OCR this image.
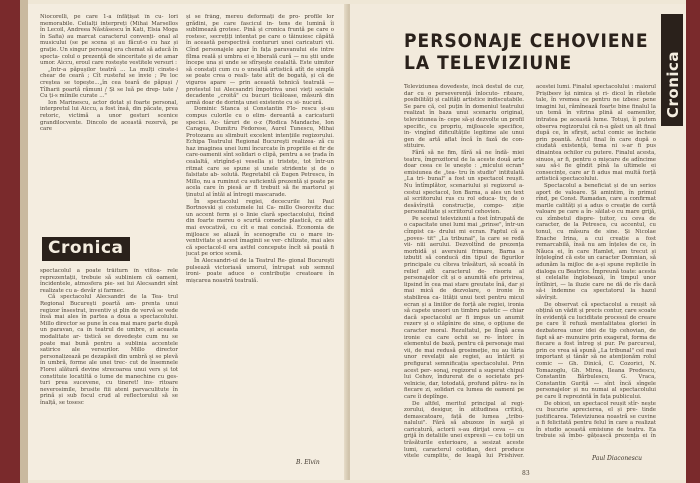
Niocorelli, pe care 1-a înfățișat în cu- lori memorabile. Celialți interpreți (Mihai Marsellos în Lecoil, Andreea Năstăsescu în Kati, Elsia Moga în Safia) au marcat caracterul convenți- onal al musicului (se pe scena și au făcut-o cu haz și grație. Un singur personaj era chemat să aducă în specta- colul o prezență de sinceritate și de amar umor. Aiccu, eroul care rostește vestitele versuri :

„Intr-a păpușilor teatră ... La mulți cinste-i chear de ceară ; Cît rusteful se învie ; Pe loc creștea se topește...„în cea teară de păpuși / Tîlharii poartă rămuni / Și se luă pe drep- tate / Cu ți-s mîinile curate ..."

Ion Marinescu, actor dotat și foarte personal, interpretul lui Aiccu, a fost însă, din păcate, prea retoric, victimă a unor gesturi scenice grandilocvente. Dincolo de această rezervă, pe care

Cronica

spectacolul a poate trăiturn în viitoa- rele reprezentații, trebuie să subliniem că oameni, încidentele, atmosfera pie- sei lui Alecsandri sînt realizate cu a- devăr și farmec.

Că spectacolul Alecsandri de la Tea- trul Regional Bucureşti poartă am- prenta unui regizor însestrat, inventiv și plin de vervă se vede însă mai ales în partea a doua a spectacolului. Millo director se pune în cea mai mare parte după un paravan, ca în teatrul de umbre, și aceasta modalitate ar- tistică se dovedește cum nu se poate mai bună pentru a sublinia accentele satirice ale versurilor. Millo director personalizează pe dezapăsii din umbră și se plevă în umbră, forme ale unei trec- cut de însemnele Florei alătură devine strecoarea unui vers și tot constituie locatiltă o lume de manechine cu ges- turi prea sucevene, cu tineret! ins- ritoare neverosimile, brusite fiii ateni parvaculitute în prină și sub focul crud al reflectorului să se înalță, se tosesc

și se frâng, mereu deformați de pro- profile lor grădini, pe care fascicul in- tens de lumină îi sublimează grotesc. Pină și cronica fruntă pe care o rostesc, secrețiți intentat pe care o tăinuiesc căpătă în această perspectivă contururi unei caricaturi vii. Cînd personajele apar în fața paravanului ele intre fîlma reală și umbra ei e liberală cură — nu știi unde începe una și unde se sfîrșește cealaltă. Este uimitor să constați cum cu o unealtă artistică atît de simplă se poate crea o reali- tate atît de bogată, și că de viguros apare — prin această tehnică teatrală — protestul lui Alecsandri împotriva unei vieți sociale decadente „croită" cu bucuri ticăloase, măsură din armă doar de dorința unei existente cu si- nucură.

Dominic Stanca și Constantin Flo- rescu și-au compus culorile cu o elim- dereantă a caricaturii speciei. Ac- târuri de o-z (Rodica Mandache, Ion Caragea, Dumitru Fedorese, Aurel Tunescu, Mihai Protozanu au slimbuit excelent intențiile regizorului. Echipa Teatrului Regional Bucureşti realizea- ză cu haz imaginea unei lumi încurcate în propriile ei fir de care-oamenii sînt solidari o clipă, pentru a se țrada în cealaltă, strigînd-și vesella și tristețe, tot într-un ritmat care se spune și unele stridente și de o falsitate ab- solută. Regretabil că Eugen Petrescu, în Millo, nu a ruminut cu suficientă prezentă și poate pe acela care în piesă ar fi trebuit să fie martorul și ținutul al întăi al întregii mascarade.

În spectacolul regiei, dececurile lui Paul Bortnovski și costumele lui Ca- millo Osorovitz duc un accent ferm și o linie clară spectacolului, fixînd din foarte mereu o scurtă comedie plastică, cu atît mai evocativă, cu cît e mai concisă. Economia de mijloace se aliază în scenografie cu o mare in- ventivitate și acest îmaginii se ver- chilizate, mai ales că spectacol-il era astfel concepute încît să poată fi jucat pe orice scenă.

În Alecsandri-ul de la Teatrul Re- gional București pulsează victoriasă umorul, întrupat sub semnul ironi- poate aduce o contribuție creatoare în mișcarea noastră teatrală.

B. Elvin
PERSONAJE CEHOVIENE
LA TELEVIZIUNE	Cronica

Televiziunea dovedeste, încă destul de cur, dar cu o perseverență înlocuto- riteare, posibilități și calități artistice indiscutabile. Se pare că, cel puțin în domeniul teatrului realizat în baza unui scenariu original, televiziunea în- cepe să-și dezvolte un profil specific, cu propriu, mijloacele specifice, in- vingînd dificultățile legitime ale unui gen de artă aflat încă în fază de con- stituire.

Fără să ne fim, fără să ne îndă- miei teatru, îmgrozitorul de la aceste două arte doar ceea ce le unește : „micului ecran" emisiunea de „tea- tru în studio" intitulată „La tri- bunal" a fost un spectacol reușit. Nu întîmplător, scenariului și regizorul a- cestui spectacol, Ion Barna, a ales un text al scriitorului rus cu rol educa- tiv, de o desăvîrșită construcție, compo- ziție personalitate și scriitorul cehovien.

Pe scenul televiziunii a fost întrupată de o capacitate unei lumi mai „prinse", într-un cîmpist ca- drului mi ecran. Faptul că a „poves- tit" „La tribunal", la care se redă vii- niii aerului. Dezvoltînd de prezența morbidă și aversiuni frimare, Barna a izbutit să conducă din tipul de figurilor principale cu cîteva trăsături, să scoată în relief atît caracterul de- risoriu al personajelor cît și o anumită efe privirea, lipsind în cea mai stare greutate înă, dar și mai mică de dezvolare, o ironie în stabilirea ca- lității unui text pentru micul ecran și a liniilor de forță ale regiei, ironia să capete uneori un timbru patetic — chiar dacă spectacolul ar fi impus un anumit rezerv și o stăpînire de sine, o opțiune de caracter moral. Rezultatul, pe lîngă acea ironie cu care ochii se re- întorc în elementul de bază, pentru că personaje mai vii, de mai redusă grosimeție, nu au tăria unor revelații ale regiei, au întărit și prefigurat semnificația spectacolului. Prin acest per- sonaj, regizorul a sugerat chipul lui Cehov, îndurerat de o societate pri- velnicie, dar, totodată, profund pătru- ns în fiecare zi, solidari cu lumea de oameni pe care îi deplînge.

De altfel, meritul principal al regi- zorului, desigur, în atitudinea critică, demascatoare, față de lumea „tribu- nalului". Fără să abuzeze în sarjă și caricatură, actorii s-au dirijat ceva — cu grijă în detaliile unei expresii — cu toții un trăsăturile exterioare, a sesizat aceste lumi, caracterul cotidian, deci produce vitele cumplite, de leagă lui Prishiver.

acestei lumi. Finalul spectacolului : maiorul Prișibeev își nimica și ri- dicol în rîietele tale, în vremea ce pentru ne izbesc pene imagini lui, rămînează foarte bine finalul la un temă în vitrina plină al oamenilor, intratea pe această lume. Totuși, îi putem observa regizorului că n-a găsit un alt final după ce, în sfîrșit, actul comic se încheie prin poantă. Actul final în care după o ciudată existență, tema ni s-ar fi pus dinaintea ochilor cu putere. Finalul acesta, sinuos, ar fi, pentru o mișcare de adîncime sau să-i fie gîndit pînă la ultimele ei consecințe, care ar fi adus mai multă forță artistică spectacolului.

Spectacolul a beneficiat și de un serios aport de valoare. Și amintim, în primul rînd, pe Const. Ramadan, care a confirmat marile calități și a adus o creație de certă valoare pe care a în- săilat-o cu mare grijă, cu zîmbetul dispre- țuitor, cu ceva de caracter, de la Petrescu, cu accentul, cu tonul, cu măsura de sine. Și Nicolae Enache Irina, a cui creație a fost remarcabilă, însă nu am înțeles de ce, în Năuca ei, în care Hamlet, am trecut și înțelegînd că este un caracter Domnian, să adunăm la mijloc de a-și spune replicile în dialoga cu Beatrice. Împreună toate: acesta și celelalte înglobează, în timpul unor întîlniri, — la iluzie care ne dă de rîs dacă să-i îndemne ca spectatorul la hazul săvîrșit.

De observat că spectacolul a reușit să obțină un vădit și precis contur, care scoate în evidență cu luciditate procesul de creare pe care îl refuză mentalitatea gloriei în dezbaterea unor idei de tip cehovian, de fapt să ar- munuire prin exagerat, forma de fiecare a fost întreg și pur. Pe parcursul, prin ce vrea să spună „La tribunal" cel mai important și tânăr să ne atenționăm rolul comic — Gh. Dinică, C. Cozorici, N. Tomazoglu, Gh. Mirea, Ileana Predescu, Constantin Bărbulescu, G. Vraca, Constantin Guriță — sînt încă sîngele personajelor și nu numai al spectacolului pe care îl reprezintă în fața publicului.

De obicei, un spectacol reușit stîr- nește cu bucurie aprecierea, el și pre- tinde justificarea. Televiziunea noastră se cuvine a fi felicitată pentru felul în care a realizat în studio această emisiune de teatru. Ea trebuie să îmbo- gățească prezența ei în

Paul Diaconescu
83
